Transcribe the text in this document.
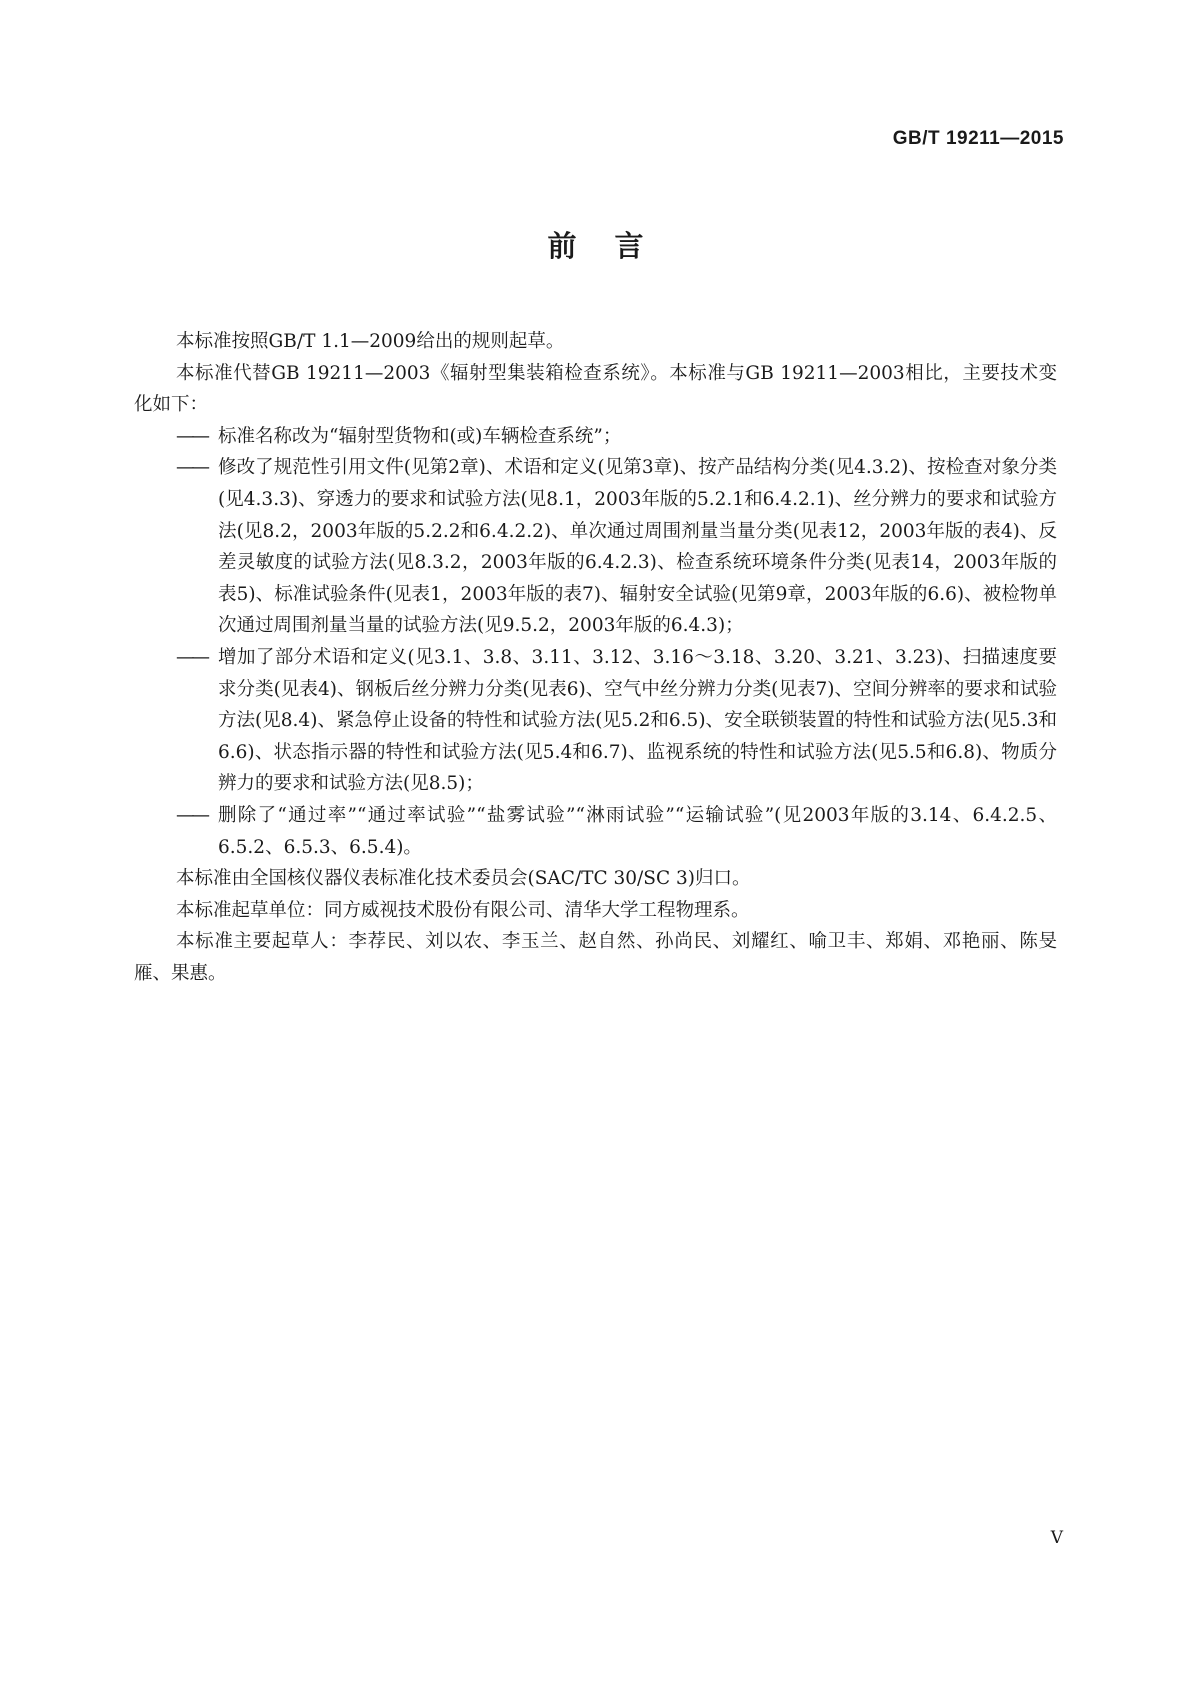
GB/T 19211—2015
前言

本标准按照GB/T 1.1—2009给出的规则起草。

本标准代替GB 19211—2003《辐射型集装箱检查系统》。本标准与GB 19211—2003相比，主要技术变化如下：

—— 标准名称改为“辐射型货物和(或)车辆检查系统”；
—— 修改了规范性引用文件(见第2章)、术语和定义(见第3章)、按产品结构分类(见4.3.2)、按检查对象分类(见4.3.3)、穿透力的要求和试验方法(见8.1，2003年版的5.2.1和6.4.2.1)、丝分辨力的要求和试验方法(见8.2，2003年版的5.2.2和6.4.2.2)、单次通过周围剂量当量分类(见表12，2003年版的表4)、反差灵敏度的试验方法(见8.3.2，2003年版的6.4.2.3)、检查系统环境条件分类(见表14，2003年版的表5)、标准试验条件(见表1，2003年版的表7)、辐射安全试验(见第9章，2003年版的6.6)、被检物单次通过周围剂量当量的试验方法(见9.5.2，2003年版的6.4.3)；
—— 增加了部分术语和定义(见3.1、3.8、3.11、3.12、3.16～3.18、3.20、3.21、3.23)、扫描速度要求分类(见表4)、钢板后丝分辨力分类(见表6)、空气中丝分辨力分类(见表7)、空间分辨率的要求和试验方法(见8.4)、紧急停止设备的特性和试验方法(见5.2和6.5)、安全联锁装置的特性和试验方法(见5.3和6.6)、状态指示器的特性和试验方法(见5.4和6.7)、监视系统的特性和试验方法(见5.5和6.8)、物质分辨力的要求和试验方法(见8.5)；
—— 删除了“通过率”“通过率试验”“盐雾试验”“淋雨试验”“运输试验”(见2003年版的3.14、6.4.2.5、6.5.2、6.5.3、6.5.4)。

本标准由全国核仪器仪表标准化技术委员会(SAC/TC 30/SC 3)归口。

本标准起草单位：同方威视技术股份有限公司、清华大学工程物理系。

本标准主要起草人：李荐民、刘以农、李玉兰、赵自然、孙尚民、刘耀红、喻卫丰、郑娟、邓艳丽、陈旻雁、果惠。

V
